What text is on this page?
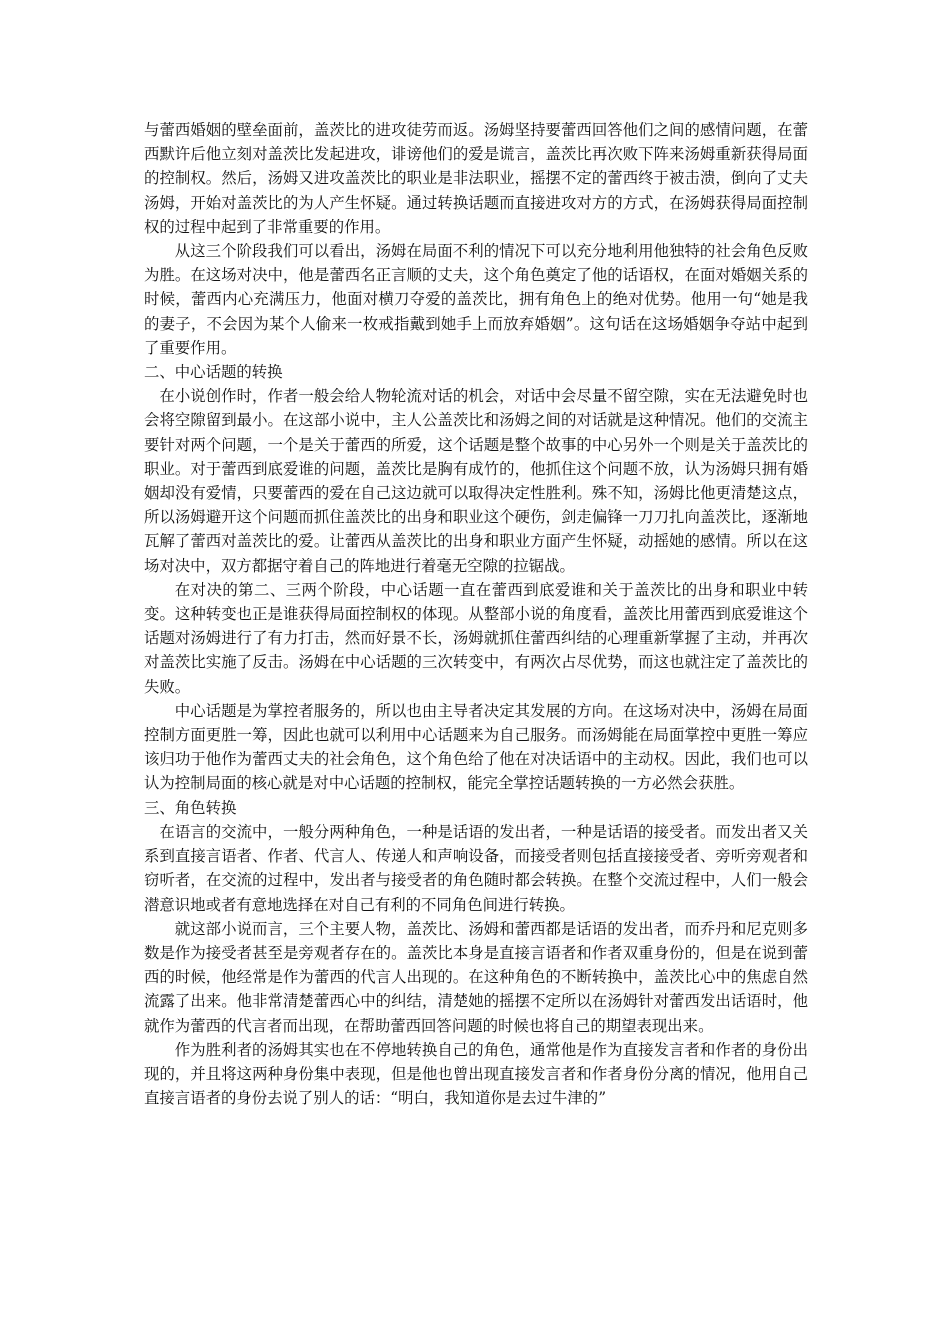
与蕾西婚姻的壁垒面前，盖茨比的进攻徒劳而返。汤姆坚持要蕾西回答他们之间的感情问题，在蕾西默许后他立刻对盖茨比发起进攻，诽谤他们的爱是谎言，盖茨比再次败下阵来汤姆重新获得局面的控制权。然后，汤姆又进攻盖茨比的职业是非法职业，摇摆不定的蕾西终于被击溃，倒向了丈夫汤姆，开始对盖茨比的为人产生怀疑。通过转换话题而直接进攻对方的方式，在汤姆获得局面控制权的过程中起到了非常重要的作用。

从这三个阶段我们可以看出，汤姆在局面不利的情况下可以充分地利用他独特的社会角色反败为胜。在这场对决中，他是蕾西名正言顺的丈夫，这个角色奠定了他的话语权，在面对婚姻关系的时候，蕾西内心充满压力，他面对横刀夺爱的盖茨比，拥有角色上的绝对优势。他用一句“她是我的妻子，不会因为某个人偷来一枚戒指戴到她手上而放弃婚姻”。这句话在这场婚姻争夺站中起到了重要作用。

二、中心话题的转换

在小说创作时，作者一般会给人物轮流对话的机会，对话中会尽量不留空隙，实在无法避免时也会将空隙留到最小。在这部小说中，主人公盖茨比和汤姆之间的对话就是这种情况。他们的交流主要针对两个问题，一个是关于蕾西的所爱，这个话题是整个故事的中心另外一个则是关于盖茨比的职业。对于蕾西到底爱谁的问题，盖茨比是胸有成竹的，他抓住这个问题不放，认为汤姆只拥有婚姻却没有爱情，只要蕾西的爱在自己这边就可以取得决定性胜利。殊不知，汤姆比他更清楚这点，所以汤姆避开这个问题而抓住盖茨比的出身和职业这个硬伤，剑走偏锋一刀刀扎向盖茨比，逐渐地瓦解了蕾西对盖茨比的爱。让蕾西从盖茨比的出身和职业方面产生怀疑，动摇她的感情。所以在这场对决中，双方都据守着自己的阵地进行着毫无空隙的拉锯战。

在对决的第二、三两个阶段，中心话题一直在蕾西到底爱谁和关于盖茨比的出身和职业中转变。这种转变也正是谁获得局面控制权的体现。从整部小说的角度看，盖茨比用蕾西到底爱谁这个话题对汤姆进行了有力打击，然而好景不长，汤姆就抓住蕾西纠结的心理重新掌握了主动，并再次对盖茨比实施了反击。汤姆在中心话题的三次转变中，有两次占尽优势，而这也就注定了盖茨比的失败。

中心话题是为掌控者服务的，所以也由主导者决定其发展的方向。在这场对决中，汤姆在局面控制方面更胜一筹，因此也就可以利用中心话题来为自己服务。而汤姆能在局面掌控中更胜一筹应该归功于他作为蕾西丈夫的社会角色，这个角色给了他在对决话语中的主动权。因此，我们也可以认为控制局面的核心就是对中心话题的控制权，能完全掌控话题转换的一方必然会获胜。

三、角色转换

在语言的交流中，一般分两种角色，一种是话语的发出者，一种是话语的接受者。而发出者又关系到直接言语者、作者、代言人、传递人和声响设备，而接受者则包括直接接受者、旁听旁观者和窃听者，在交流的过程中，发出者与接受者的角色随时都会转换。在整个交流过程中，人们一般会潜意识地或者有意地选择在对自己有利的不同角色间进行转换。

就这部小说而言，三个主要人物，盖茨比、汤姆和蕾西都是话语的发出者，而乔丹和尼克则多数是作为接受者甚至是旁观者存在的。盖茨比本身是直接言语者和作者双重身份的，但是在说到蕾西的时候，他经常是作为蕾西的代言人出现的。在这种角色的不断转换中，盖茨比心中的焦虑自然流露了出来。他非常清楚蕾西心中的纠结，清楚她的摇摆不定所以在汤姆针对蕾西发出话语时，他就作为蕾西的代言者而出现，在帮助蕾西回答问题的时候也将自己的期望表现出来。

作为胜利者的汤姆其实也在不停地转换自己的角色，通常他是作为直接发言者和作者的身份出现的，并且将这两种身份集中表现，但是他也曾出现直接发言者和作者身份分离的情况，他用自己直接言语者的身份去说了别人的话：“明白，我知道你是去过牛津的”
